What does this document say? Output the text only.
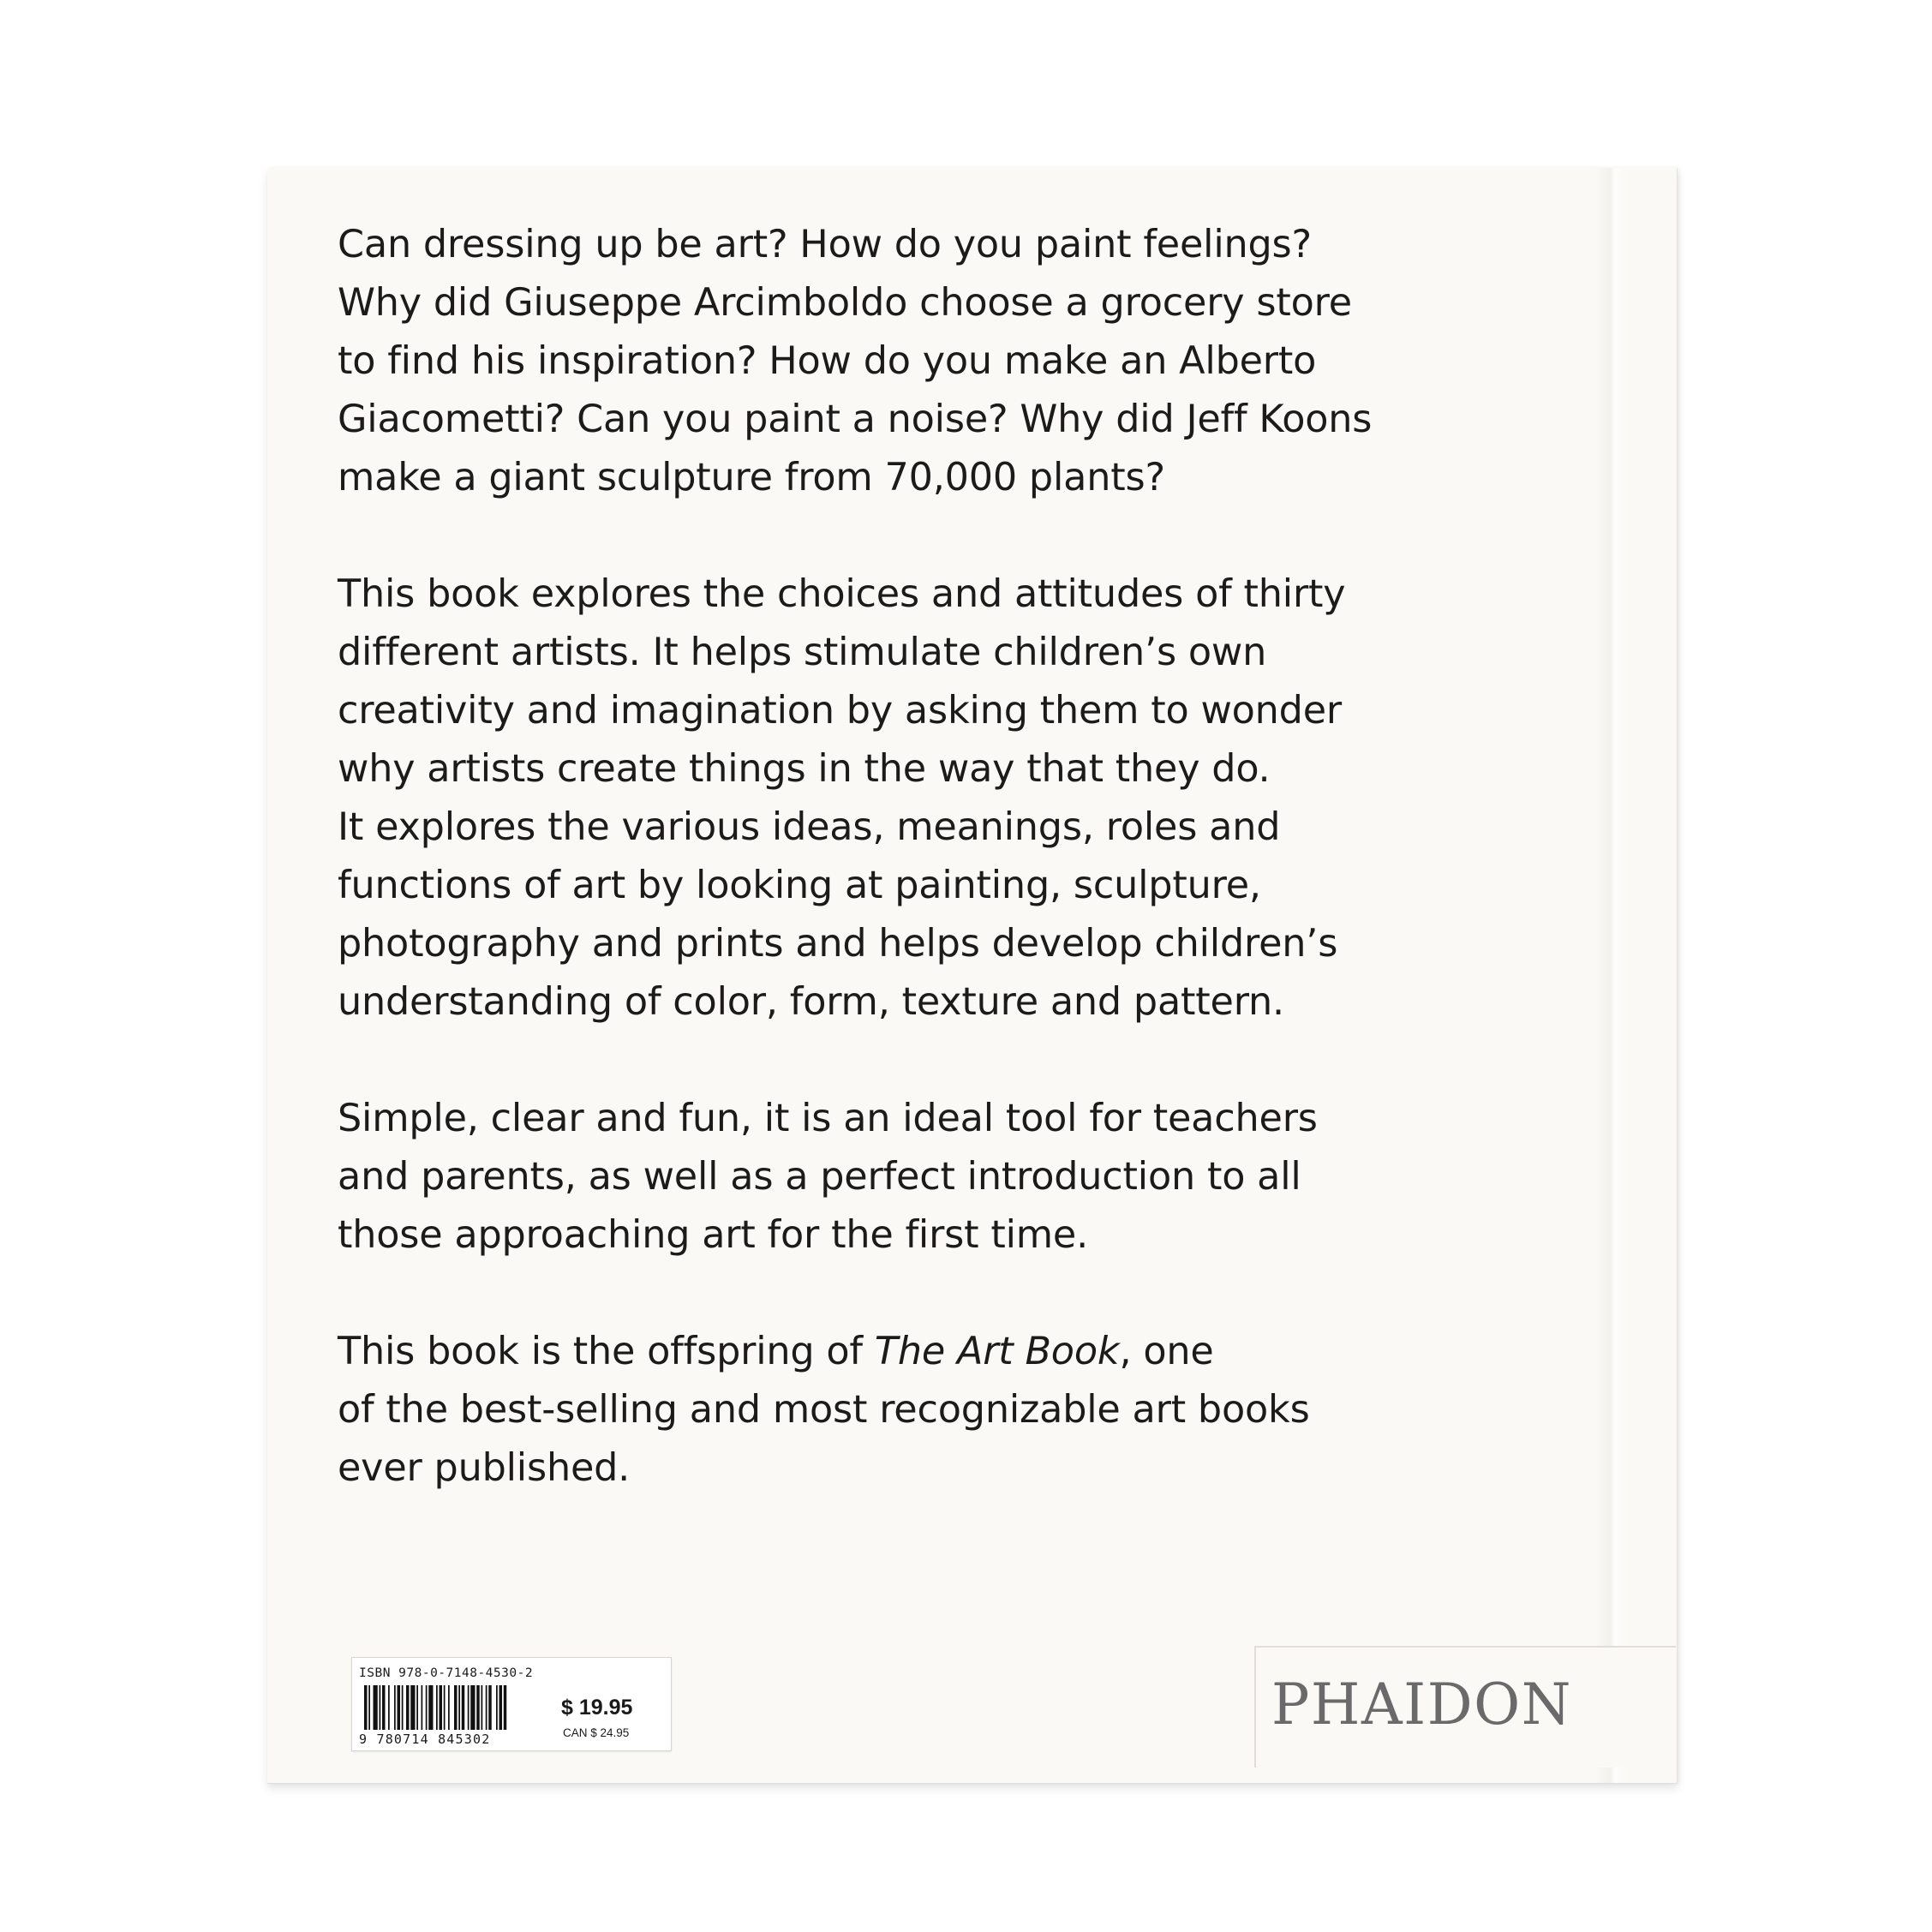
Can dressing up be art? How do you paint feelings?
Why did Giuseppe Arcimboldo choose a grocery store
to find his inspiration? How do you make an Alberto
Giacometti? Can you paint a noise? Why did Jeff Koons
make a giant sculpture from 70,000 plants?

This book explores the choices and attitudes of thirty
different artists. It helps stimulate children’s own
creativity and imagination by asking them to wonder
why artists create things in the way that they do.
It explores the various ideas, meanings, roles and
functions of art by looking at painting, sculpture,
photography and prints and helps develop children’s
understanding of color, form, texture and pattern.

Simple, clear and fun, it is an ideal tool for teachers
and parents, as well as a perfect introduction to all
those approaching art for the first time.

This book is the offspring of The Art Book, one
of the best-selling and most recognizable art books
ever published.

ISBN 978-0-7148-4530-2
9 780714 845302
$ 19.95
CAN $ 24.95	PHAIDON
